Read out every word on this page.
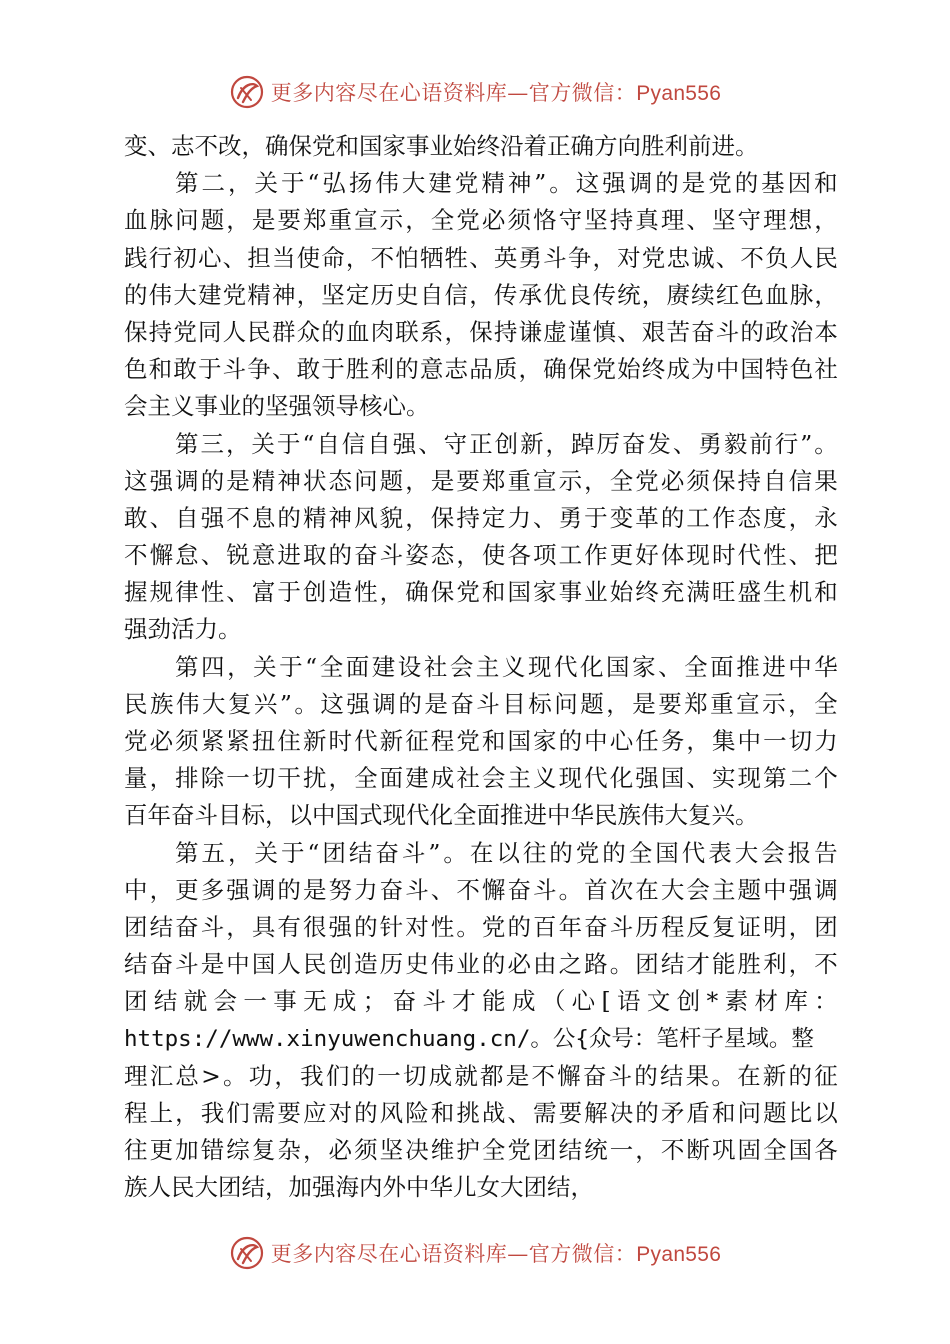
更多内容尽在心语资料库—官方微信：Pyan556
变、志不改，确保党和国家事业始终沿着正确方向胜利前进。
第 二 ， 关 于 “ 弘 扬 伟 大 建 党 精 神 ” 。 这 强 调 的 是 党 的 基 因 和
血 脉 问 题 ， 是 要 郑 重 宣 示 ， 全 党 必 须 恪 守 坚 持 真 理 、 坚 守 理 想 ，
践 行 初 心 、 担 当 使 命 ， 不 怕 牺 牲 、 英 勇 斗 争 ， 对 党 忠 诚 、 不 负 人 民
的 伟 大 建 党 精 神 ， 坚 定 历 史 自 信 ， 传 承 优 良 传 统 ， 赓 续 红 色 血 脉 ，
保 持 党 同 人 民 群 众 的 血 肉 联 系 ， 保 持 谦 虚 谨 慎 、 艰 苦 奋 斗 的 政 治 本
色 和 敢 于 斗 争 、 敢 于 胜 利 的 意 志 品 质 ， 确 保 党 始 终 成 为 中 国 特 色 社
会主义事业的坚强领导核心。
第 三 ， 关 于 “ 自 信 自 强 、 守 正 创 新 ， 踔 厉 奋 发 、 勇 毅 前 行 ” 。
这 强 调 的 是 精 神 状 态 问 题 ， 是 要 郑 重 宣 示 ， 全 党 必 须 保 持 自 信 果
敢 、 自 强 不 息 的 精 神 风 貌 ， 保 持 定 力 、 勇 于 变 革 的 工 作 态 度 ， 永
不 懈 怠 、 锐 意 进 取 的 奋 斗 姿 态 ， 使 各 项 工 作 更 好 体 现 时 代 性 、 把
握 规 律 性 、 富 于 创 造 性 ， 确 保 党 和 国 家 事 业 始 终 充 满 旺 盛 生 机 和
强劲活力。
第 四 ， 关 于 “ 全 面 建 设 社 会 主 义 现 代 化 国 家 、 全 面 推 进 中 华
民 族 伟 大 复 兴 ” 。 这 强 调 的 是 奋 斗 目 标 问 题 ， 是 要 郑 重 宣 示 ， 全
党 必 须 紧 紧 扭 住 新 时 代 新 征 程 党 和 国 家 的 中 心 任 务 ， 集 中 一 切 力
量 ， 排 除 一 切 干 扰 ， 全 面 建 成 社 会 主 义 现 代 化 强 国 、 实 现 第 二 个
百年奋斗目标，以中国式现代化全面推进中华民族伟大复兴。
第 五 ， 关 于 “ 团 结 奋 斗 ” 。 在 以 往 的 党 的 全 国 代 表 大 会 报 告
中 ， 更 多 强 调 的 是 努 力 奋 斗 、 不 懈 奋 斗 。 首 次 在 大 会 主 题 中 强 调
团 结 奋 斗 ， 具 有 很 强 的 针 对 性 。 党 的 百 年 奋 斗 历 程 反 复 证 明 ， 团
结 奋 斗 是 中 国 人 民 创 造 历 史 伟 业 的 必 由 之 路 。 团 结 才 能 胜 利 ， 不
团 结 就 会 一 事 无 成 ； 奋 斗 才 能 成 （ 心 [ 语 文 创 * 素 材 库 ：
https://www.xinyuwenchuang.cn/。公{众号：笔杆子星域。整
理 汇 总 > 。 功 ， 我 们 的 一 切 成 就 都 是 不 懈 奋 斗 的 结 果 。 在 新 的 征
程 上 ， 我 们 需 要 应 对 的 风 险 和 挑 战 、 需 要 解 决 的 矛 盾 和 问 题 比 以
往 更 加 错 综 复 杂 ， 必 须 坚 决 维 护 全 党 团 结 统 一 ， 不 断 巩 固 全 国 各
族人民大团结，加强海内外中华儿女大团结，
更多内容尽在心语资料库—官方微信：Pyan556
